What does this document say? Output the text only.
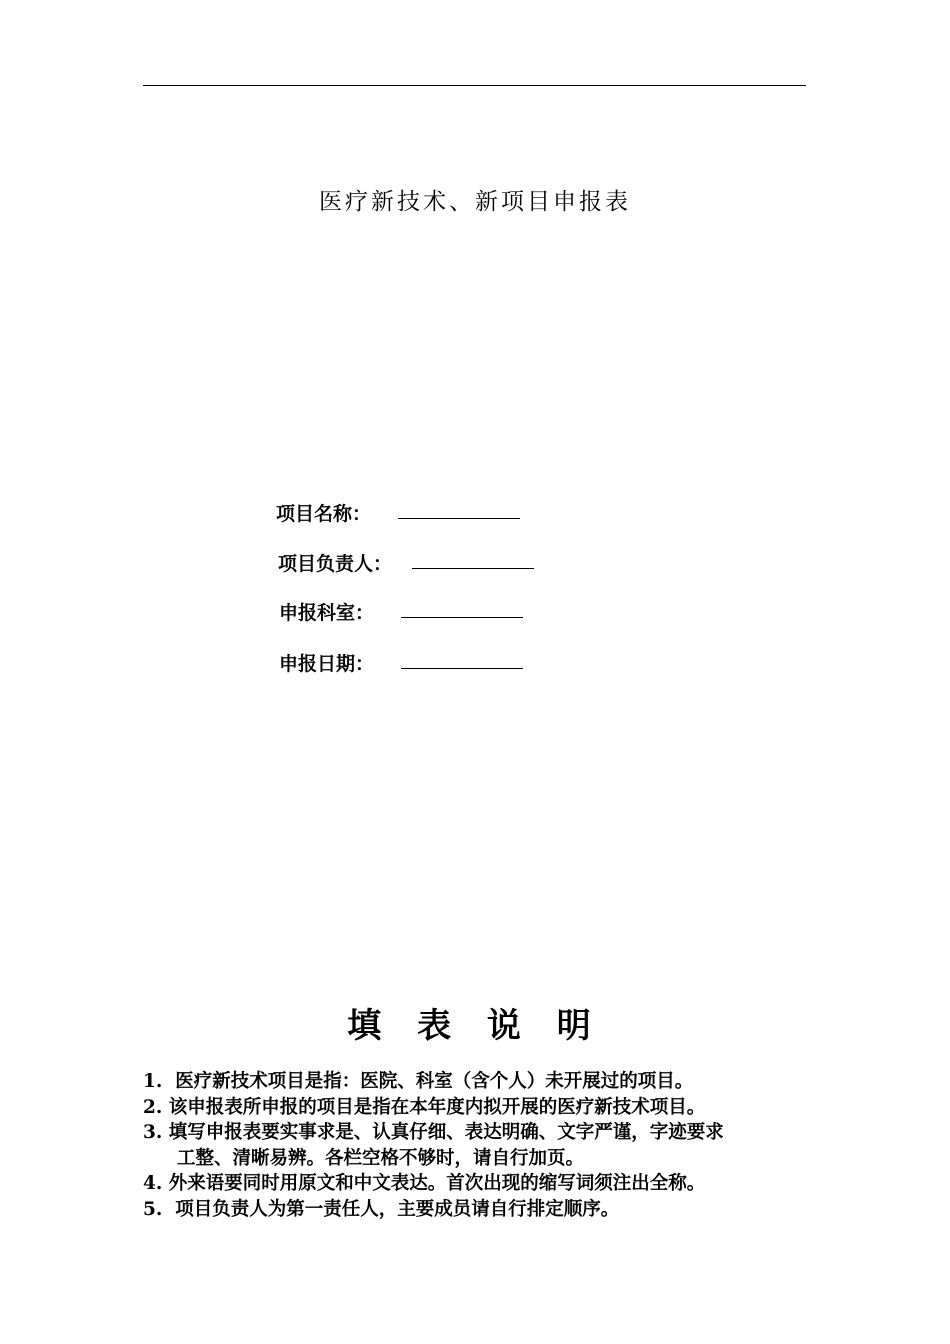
医疗新技术、新项目申报表
项目名称：
项目负责人：
申报科室：
申报日期：
填 表 说 明
1. 医疗新技术项目是指：医院、科室（含个人）未开展过的项目。
2. 该申报表所申报的项目是指在本年度内拟开展的医疗新技术项目。
3. 填写申报表要实事求是、认真仔细、表达明确、文字严谨，字迹要求
工整、清晰易辨。各栏空格不够时，请自行加页。
4. 外来语要同时用原文和中文表达。首次出现的缩写词须注出全称。
5. 项目负责人为第一责任人，主要成员请自行排定顺序。
